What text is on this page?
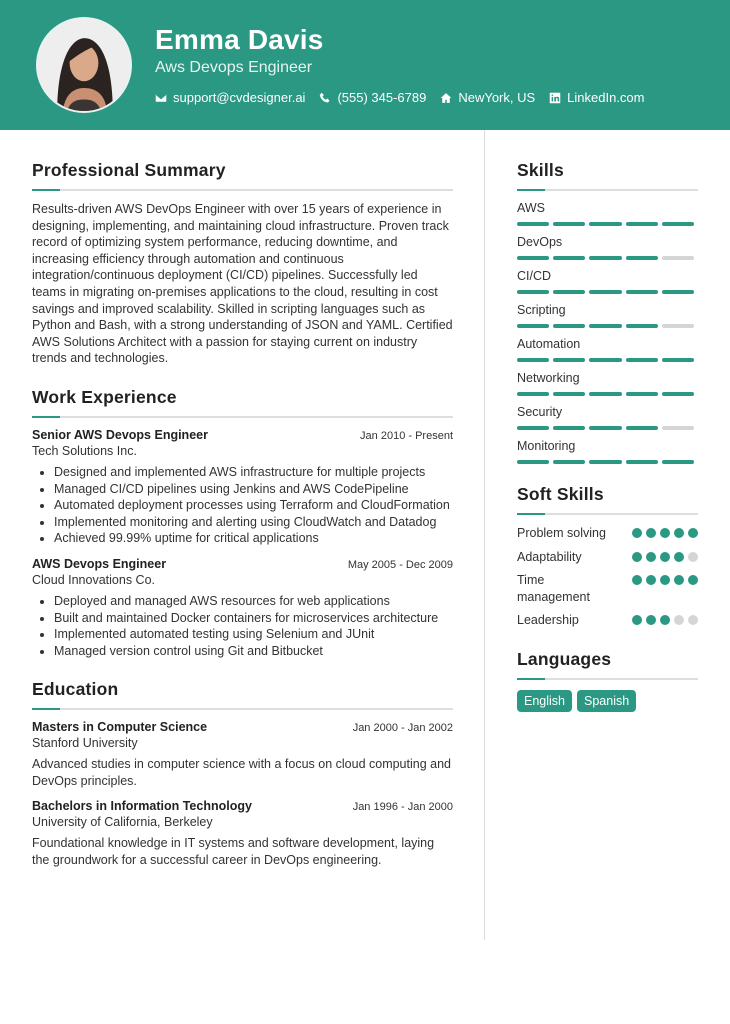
Emma Davis
Aws Devops Engineer
support@cvdesigner.ai (555) 345-6789 NewYork, US LinkedIn.com
Professional Summary

Results-driven AWS DevOps Engineer with over 15 years of experience in designing, implementing, and maintaining cloud infrastructure. Proven track record of optimizing system performance, reducing downtime, and increasing efficiency through automation and continuous integration/continuous deployment (CI/CD) pipelines. Successfully led teams in migrating on-premises applications to the cloud, resulting in cost savings and improved scalability. Skilled in scripting languages such as Python and Bash, with a strong understanding of JSON and YAML. Certified AWS Solutions Architect with a passion for staying current on industry trends and technologies.

Work Experience
Senior AWS Devops Engineer	Jan 2010 - Present
Tech Solutions Inc.
• Designed and implemented AWS infrastructure for multiple projects
• Managed CI/CD pipelines using Jenkins and AWS CodePipeline
• Automated deployment processes using Terraform and CloudFormation
• Implemented monitoring and alerting using CloudWatch and Datadog
• Achieved 99.99% uptime for critical applications
AWS Devops Engineer	May 2005 - Dec 2009
Cloud Innovations Co.
• Deployed and managed AWS resources for web applications
• Built and maintained Docker containers for microservices architecture
• Implemented automated testing using Selenium and JUnit
• Managed version control using Git and Bitbucket
Education
Masters in Computer Science	Jan 2000 - Jan 2002
Stanford University

Advanced studies in computer science with a focus on cloud computing and DevOps principles.

Bachelors in Information Technology	Jan 1996 - Jan 2000
University of California, Berkeley

Foundational knowledge in IT systems and software development, laying the groundwork for a successful career in DevOps engineering.

Skills
AWS
DevOps
CI/CD
Scripting
Automation
Networking
Security
Monitoring
Soft Skills
Problem solving
Adaptability
Time management
Leadership
Languages
English	Spanish
